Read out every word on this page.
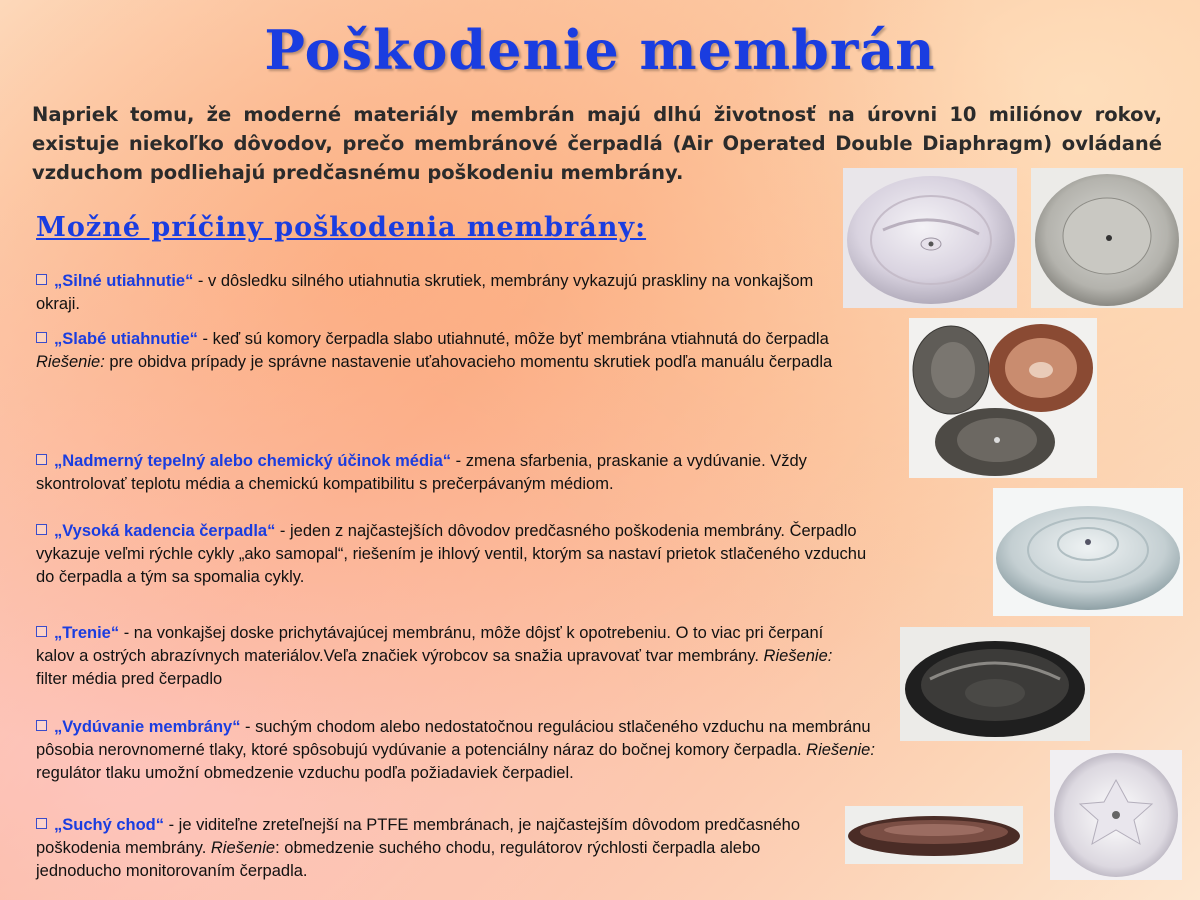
Poškodenie membrán
Napriek tomu, že moderné materiály membrán majú dlhú životnosť na úrovni 10 miliónov rokov, existuje niekoľko dôvodov, prečo membránové čerpadlá (Air Operated Double Diaphragm) ovládané vzduchom podliehajú predčasnému poškodeniu membrány.
Možné príčiny poškodenia membrány:
„Silné utiahnutie“ - v dôsledku silného utiahnutia skrutiek, membrány vykazujú praskliny na vonkajšom okraji.
„Slabé utiahnutie“ - keď sú komory čerpadla slabo utiahnuté, môže byť membrána vtiahnutá do čerpadla
Riešenie: pre obidva prípady je správne nastavenie uťahovacieho momentu skrutiek podľa manuálu čerpadla
„Nadmerný tepelný alebo chemický účinok média“ - zmena sfarbenia, praskanie a vydúvanie. Vždy skontrolovať teplotu média a chemickú kompatibilitu s prečerpávaným médiom.
„Vysoká kadencia čerpadla“ - jeden z najčastejších dôvodov predčasného poškodenia membrány. Čerpadlo vykazuje veľmi rýchle cykly „ako samopal“, riešením je ihlový ventil, ktorým sa nastaví prietok stlačeného vzduchu do čerpadla a tým sa spomalia cykly.
„Trenie“ - na vonkajšej doske prichytávajúcej membránu, môže dôjsť k opotrebeniu. O to viac pri čerpaní kalov a ostrých abrazívnych materiálov.Veľa značiek výrobcov sa snažia upravovať tvar membrány. Riešenie: filter média pred čerpadlo
„Vydúvanie membrány“ - suchým chodom alebo nedostatočnou reguláciou stlačeného vzduchu na membránu pôsobia nerovnomerné tlaky, ktoré spôsobujú vydúvanie a potenciálny náraz do bočnej komory čerpadla. Riešenie: regulátor tlaku umožní obmedzenie vzduchu podľa požiadaviek čerpadiel.
„Suchý chod“ - je viditeľne zreteľnejší na PTFE membránach, je najčastejším dôvodom predčasného poškodenia membrány. Riešenie: obmedzenie suchého chodu, regulátorov rýchlosti čerpadla alebo jednoducho monitorovaním čerpadla.
